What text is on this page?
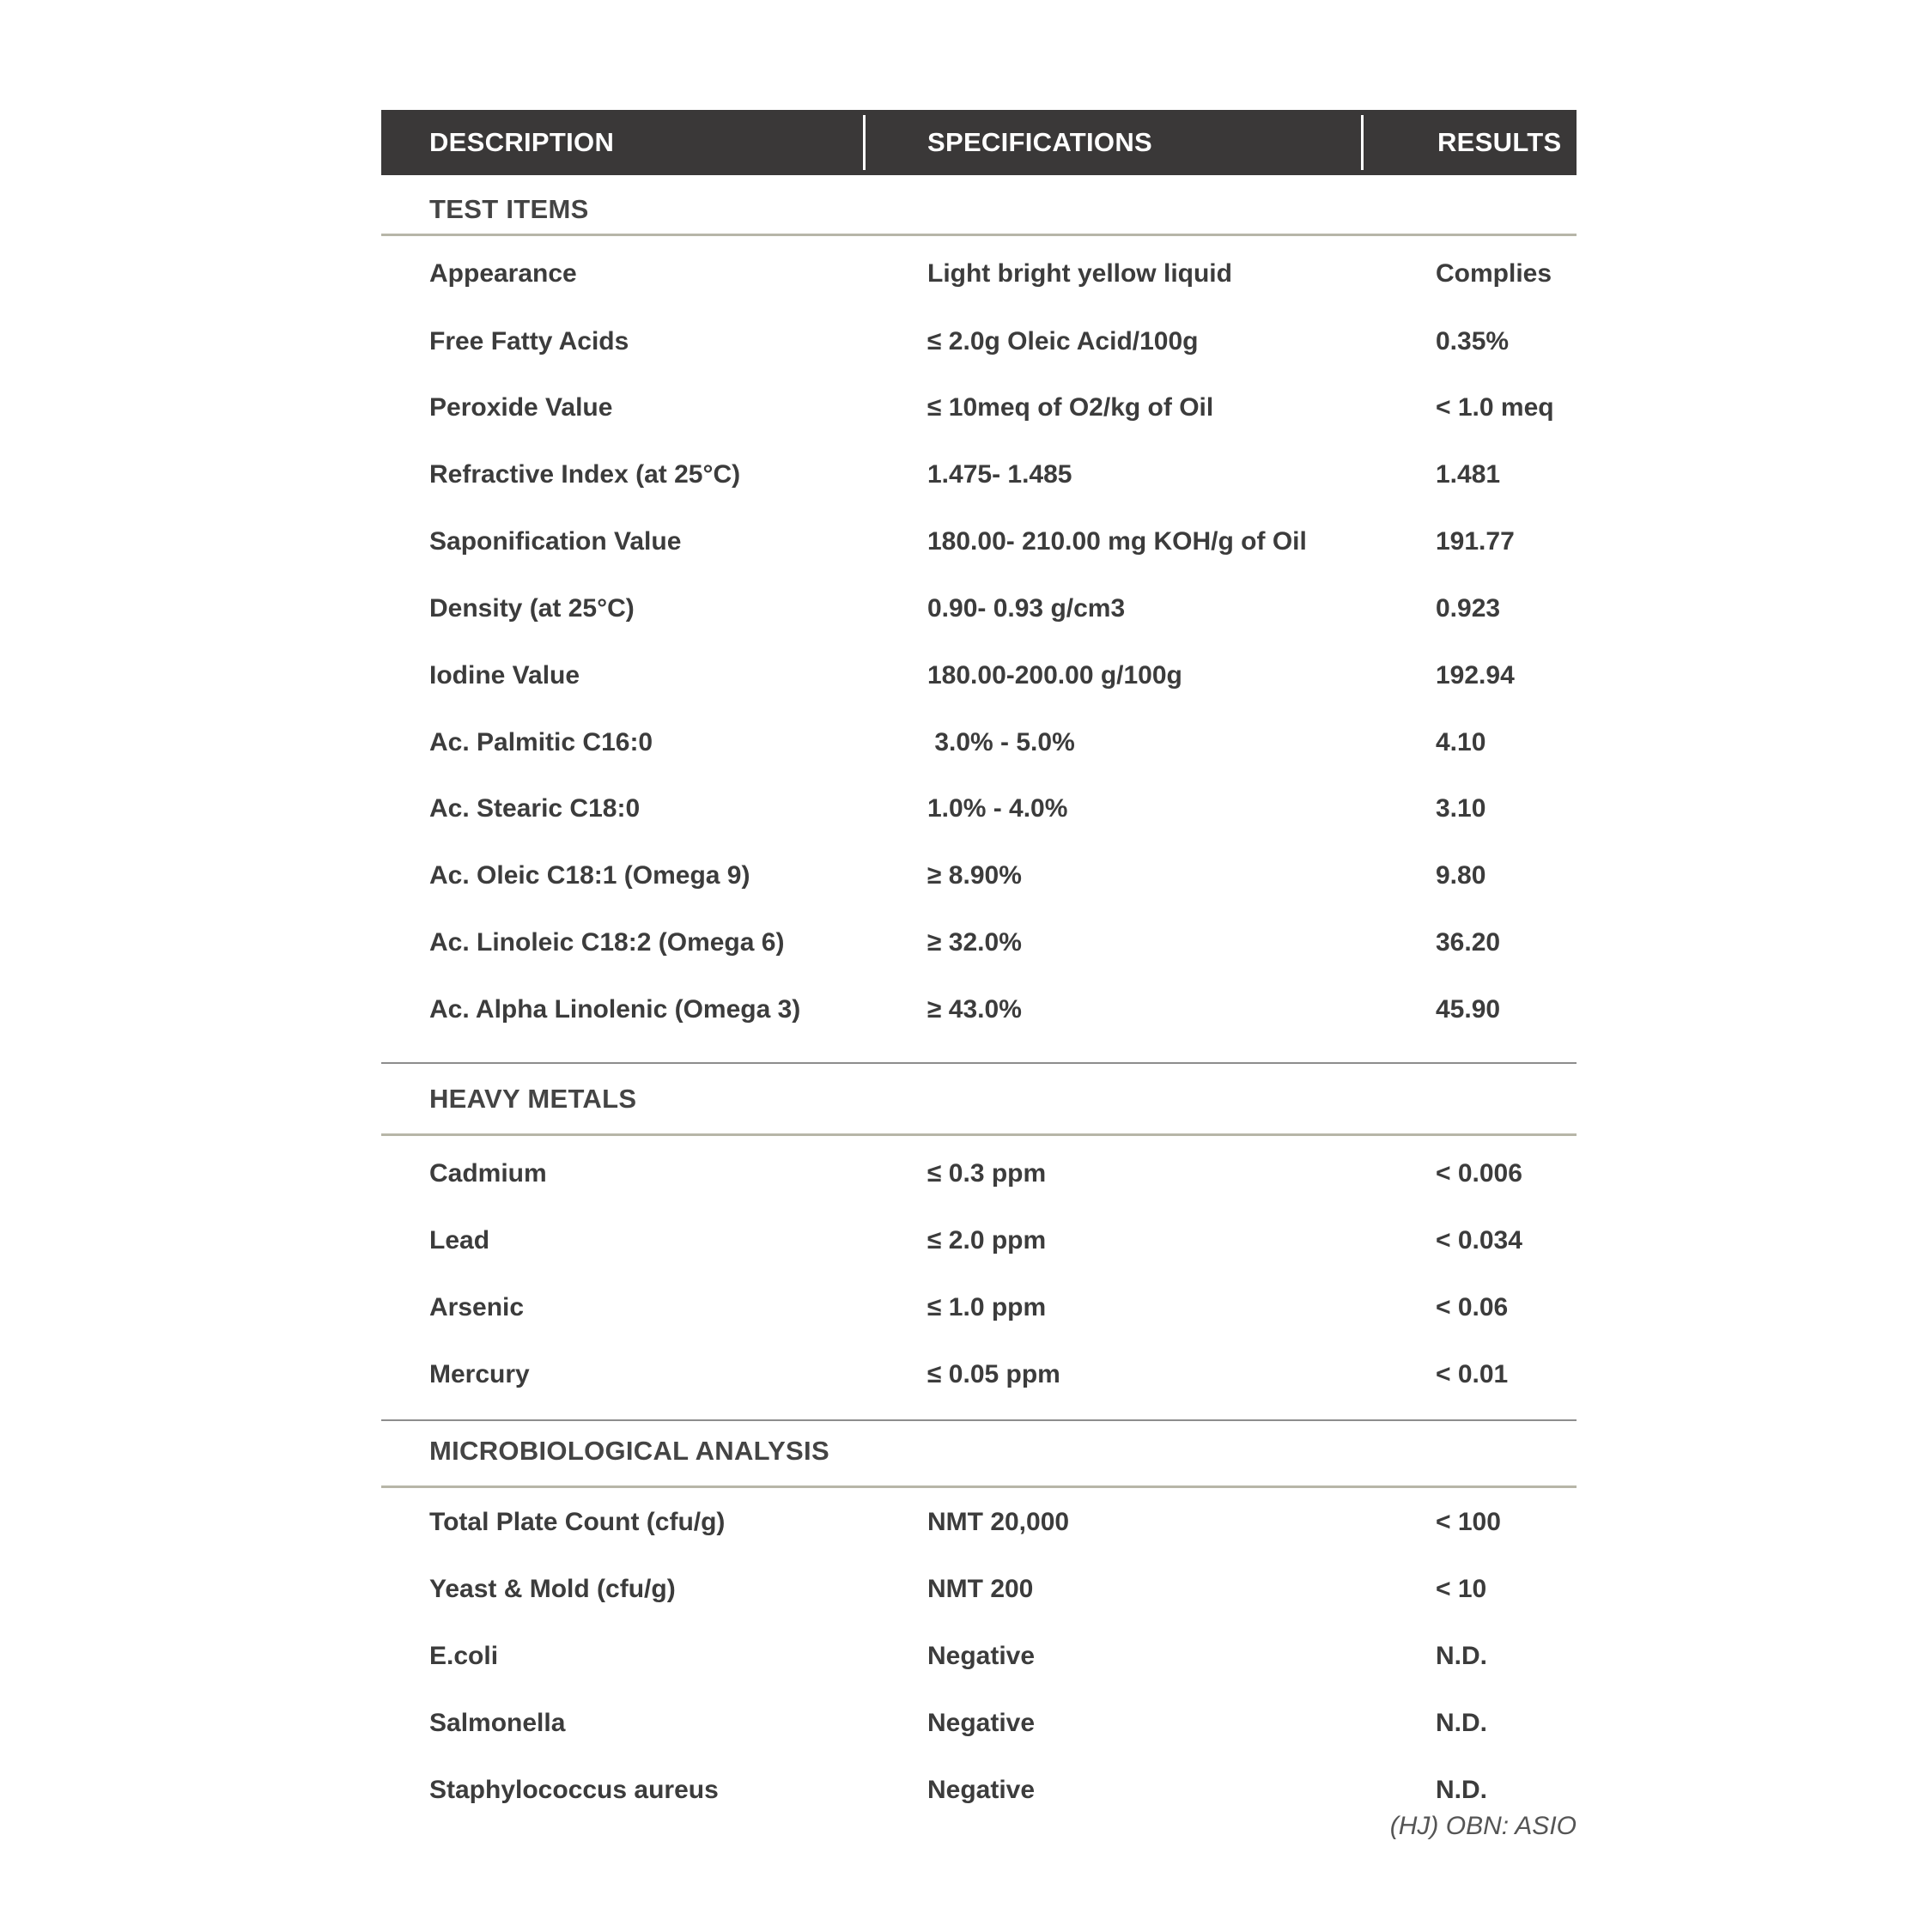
DESCRIPTION	SPECIFICATIONS	RESULTS
TEST ITEMS
Appearance	Light bright yellow liquid	Complies
Free Fatty Acids	≤ 2.0g Oleic Acid/100g	0.35%
Peroxide Value	≤ 10meq of O2/kg of Oil	< 1.0 meq
Refractive Index (at 25°C)	1.475- 1.485	1.481
Saponification Value	180.00- 210.00 mg KOH/g of Oil	191.77
Density (at 25°C)	0.90- 0.93 g/cm3	0.923
Iodine Value	180.00-200.00 g/100g	192.94
Ac. Palmitic C16:0	3.0% - 5.0%	4.10
Ac. Stearic C18:0	1.0% - 4.0%	3.10
Ac. Oleic C18:1 (Omega 9)	≥ 8.90%	9.80
Ac. Linoleic C18:2 (Omega 6)	≥ 32.0%	36.20
Ac. Alpha Linolenic (Omega 3)	≥ 43.0%	45.90
HEAVY METALS
Cadmium	≤ 0.3 ppm	< 0.006
Lead	≤ 2.0 ppm	< 0.034
Arsenic	≤ 1.0 ppm	< 0.06
Mercury	≤ 0.05 ppm	< 0.01
MICROBIOLOGICAL ANALYSIS
Total Plate Count (cfu/g)	NMT 20,000	< 100
Yeast & Mold (cfu/g)	NMT 200	< 10
E.coli	Negative	N.D.
Salmonella	Negative	N.D.
Staphylococcus aureus	Negative	N.D.
(HJ) OBN: ASIO
